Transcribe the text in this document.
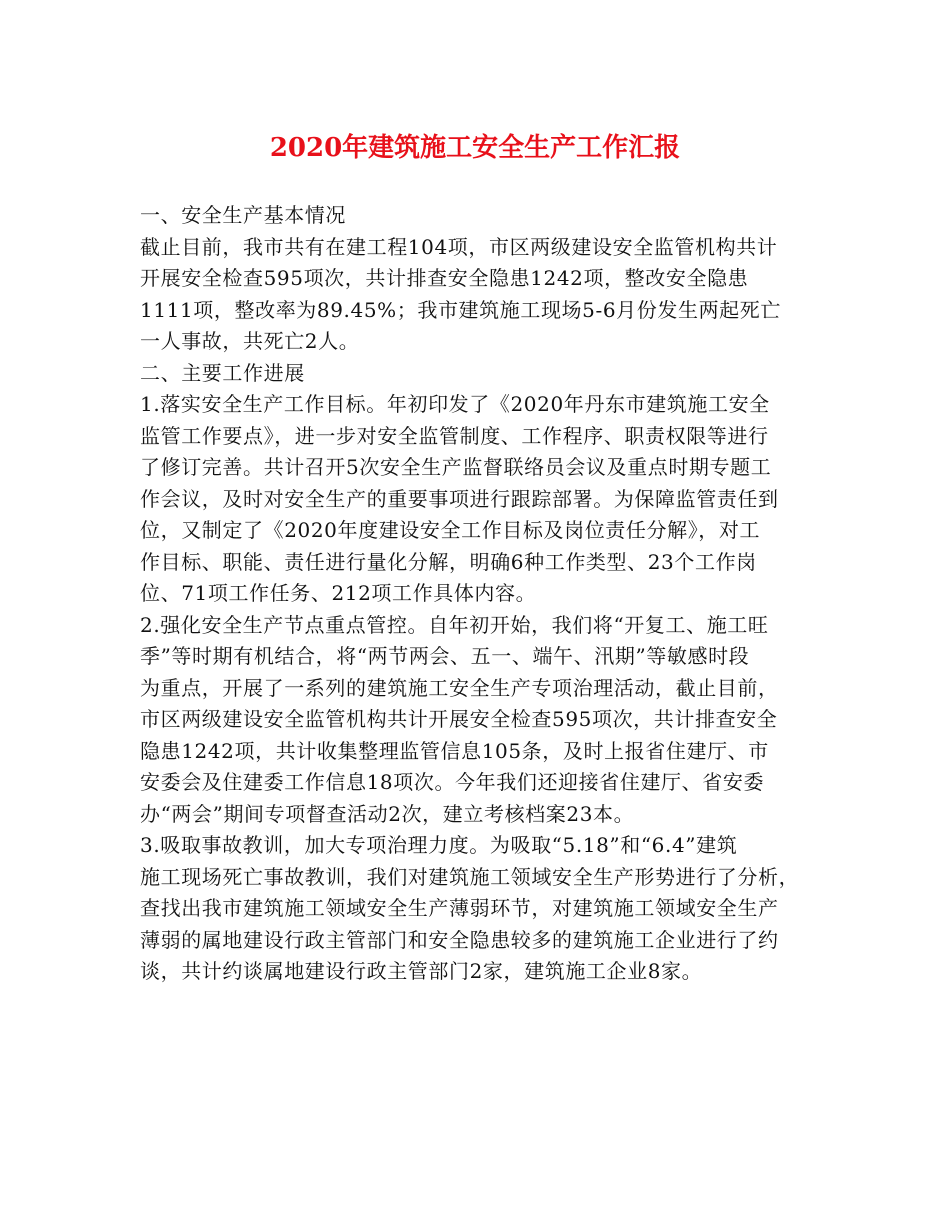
2020年建筑施工安全生产工作汇报
一、安全生产基本情况
截止目前，我市共有在建工程104项，市区两级建设安全监管机构共计
开展安全检查595项次，共计排查安全隐患1242项，整改安全隐患
1111项，整改率为89.45%；我市建筑施工现场5-6月份发生两起死亡
一人事故，共死亡2人。
二、主要工作进展
1.落实安全生产工作目标。年初印发了《2020年丹东市建筑施工安全
监管工作要点》，进一步对安全监管制度、工作程序、职责权限等进行
了修订完善。共计召开5次安全生产监督联络员会议及重点时期专题工
作会议，及时对安全生产的重要事项进行跟踪部署。为保障监管责任到
位，又制定了《2020年度建设安全工作目标及岗位责任分解》，对工
作目标、职能、责任进行量化分解，明确6种工作类型、23个工作岗
位、71项工作任务、212项工作具体内容。
2.强化安全生产节点重点管控。自年初开始，我们将“开复工、施工旺
季”等时期有机结合，将“两节两会、五一、端午、汛期”等敏感时段
为重点，开展了一系列的建筑施工安全生产专项治理活动，截止目前，
市区两级建设安全监管机构共计开展安全检查595项次，共计排查安全
隐患1242项，共计收集整理监管信息105条，及时上报省住建厅、市
安委会及住建委工作信息18项次。今年我们还迎接省住建厅、省安委
办“两会”期间专项督查活动2次，建立考核档案23本。
3.吸取事故教训，加大专项治理力度。为吸取“5.18”和“6.4”建筑
施工现场死亡事故教训，我们对建筑施工领域安全生产形势进行了分析，
查找出我市建筑施工领域安全生产薄弱环节，对建筑施工领域安全生产
薄弱的属地建设行政主管部门和安全隐患较多的建筑施工企业进行了约
谈，共计约谈属地建设行政主管部门2家，建筑施工企业8家。
